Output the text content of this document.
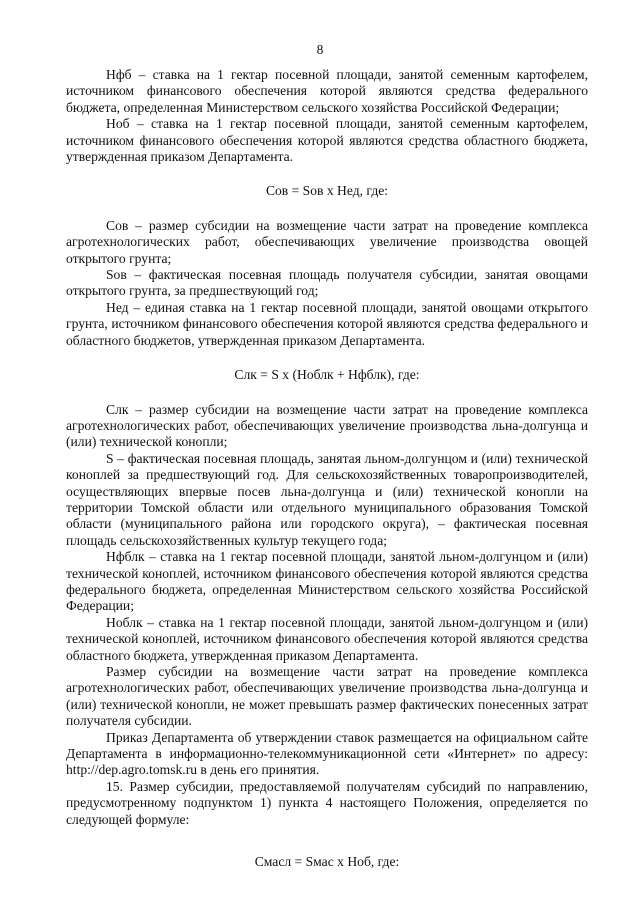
8

Нфб – ставка на 1 гектар посевной площади, занятой семенным картофелем, источником финансового обеспечения которой являются средства федерального бюджета, определенная Министерством сельского хозяйства Российской Федерации;

Ноб – ставка на 1 гектар посевной площади, занятой семенным картофелем, источником финансового обеспечения которой являются средства областного бюджета, утвержденная приказом Департамента.

Сов = Sов х Нед, где:

Сов – размер субсидии на возмещение части затрат на проведение комплекса агротехнологических работ, обеспечивающих увеличение производства овощей открытого грунта;

Sов – фактическая посевная площадь получателя субсидии, занятая овощами открытого грунта, за предшествующий год;

Нед – единая ставка на 1 гектар посевной площади, занятой овощами открытого грунта, источником финансового обеспечения которой являются средства федерального и областного бюджетов, утвержденная приказом Департамента.

Слк = S х (Ноблк + Нфблк), где:

Слк – размер субсидии на возмещение части затрат на проведение комплекса агротехнологических работ, обеспечивающих увеличение производства льна-долгунца и (или) технической конопли;

S – фактическая посевная площадь, занятая льном-долгунцом и (или) технической коноплей за предшествующий год. Для сельскохозяйственных товаропроизводителей, осуществляющих впервые посев льна-долгунца и (или) технической конопли на территории Томской области или отдельного муниципального образования Томской области (муниципального района или городского округа), – фактическая посевная площадь сельскохозяйственных культур текущего года;

Нфблк – ставка на 1 гектар посевной площади, занятой льном-долгунцом и (или) технической коноплей, источником финансового обеспечения которой являются средства федерального бюджета, определенная Министерством сельского хозяйства Российской Федерации;

Ноблк – ставка на 1 гектар посевной площади, занятой льном-долгунцом и (или) технической коноплей, источником финансового обеспечения которой являются средства областного бюджета, утвержденная приказом Департамента.

Размер субсидии на возмещение части затрат на проведение комплекса агротехнологических работ, обеспечивающих увеличение производства льна-долгунца и (или) технической конопли, не может превышать размер фактических понесенных затрат получателя субсидии.

Приказ Департамента об утверждении ставок размещается на официальном сайте Департамента в информационно-телекоммуникационной сети «Интернет» по адресу: http://dep.agro.tomsk.ru в день его принятия.

15. Размер субсидии, предоставляемой получателям субсидий по направлению, предусмотренному подпунктом 1) пункта 4 настоящего Положения, определяется по следующей формуле:

Смасл = Sмас х Ноб, где:
